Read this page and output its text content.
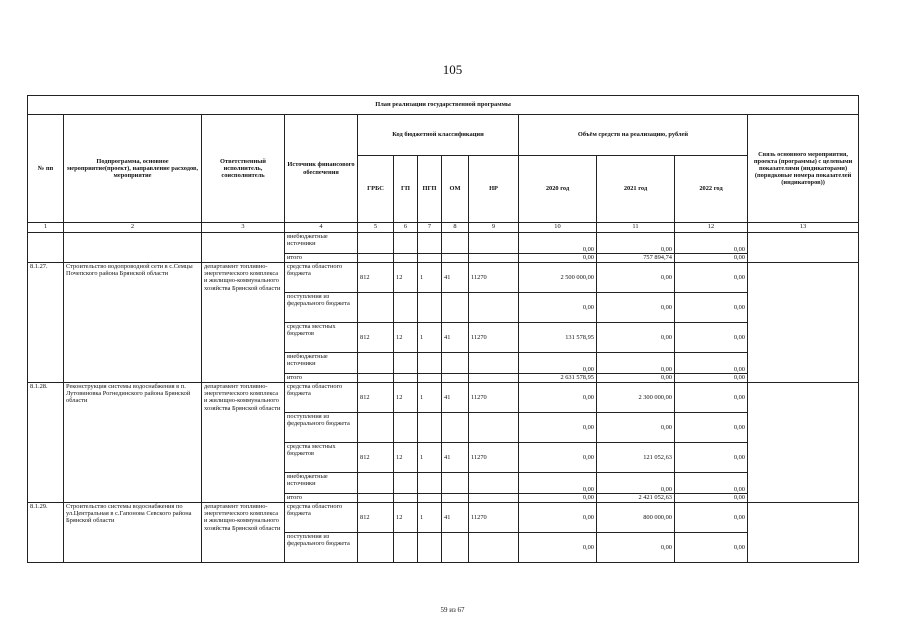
105
План реализации государственной программы												
№ пп	Подпрограмма, основное мероприятие(проект), направление расходов, мероприятие	Ответственный исполнитель, соисполнитель	Источник финансового обеспечения	Код бюджетной классификации					Объём средств на реализацию, рублей			Связь основного мероприятия, проекта (программы) с целевыми показателями (индикаторами) (порядковые номера показателей (индикаторов))
				ГРБС	ГП	ПГП	ОМ	НР	2020 год	2021 год	2022 год	
1	2	3	4	5	6	7	8	9	10	11	12	13
			внебюджетные источники						0,00	0,00	0,00	
			итого						0,00	757 894,74	0,00	
8.1.27.	Строительство водопроводной сети в с.Семцы Почепского района Брянской области	департамент топливно-энергетического комплекса и жилищно-коммунального хозяйства Брянской области	средства областного бюджета	812	12	1	41	11270	2 500 000,00	0,00	0,00	
			поступления из федерального бюджета						0,00	0,00	0,00	
			средства местных бюджетов	812	12	1	41	11270	131 578,95	0,00	0,00	
			внебюджетные источники						0,00	0,00	0,00	
			итого						2 631 578,95	0,00	0,00	
8.1.28.	Реконструкция системы водоснабжения в п. Лутовиновка Рогнединского района Брянской области	департамент топливно-энергетического комплекса и жилищно-коммунального хозяйства Брянской области	средства областного бюджета	812	12	1	41	11270	0,00	2 300 000,00	0,00	
			поступления из федерального бюджета						0,00	0,00	0,00	
			средства местных бюджетов	812	12	1	41	11270	0,00	121 052,63	0,00	
			внебюджетные источники						0,00	0,00	0,00	
			итого						0,00	2 421 052,63	0,00	
8.1.29.	Строительство системы водоснабжения по ул.Центральная в с.Гапонова Севского района Брянской области	департамент топливно-энергетического комплекса и жилищно-коммунального хозяйства Брянской области	средства областного бюджета	812	12	1	41	11270	0,00	800 000,00	0,00	
			поступления из федерального бюджета						0,00	0,00	0,00	
59 из 67
